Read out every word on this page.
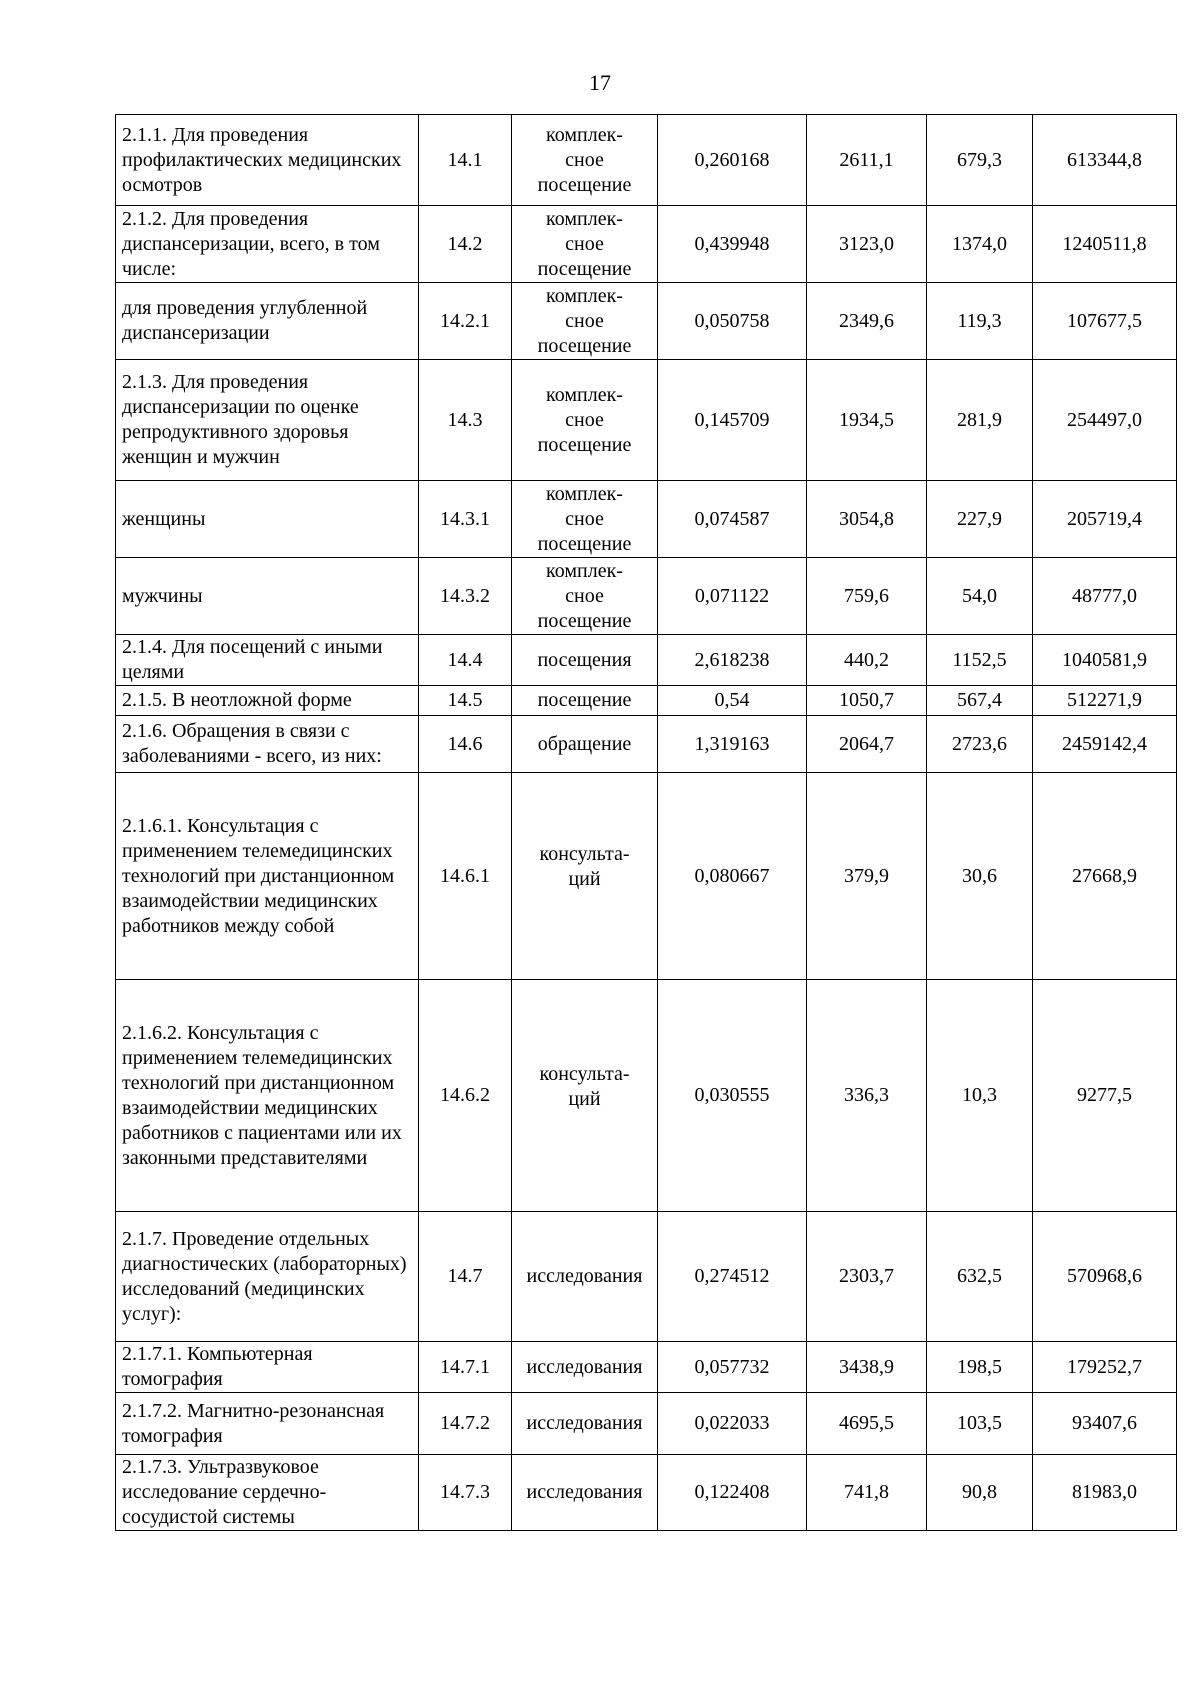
17
2.1.1. Для проведения профилактических медицинских осмотров	14.1	комплек-
сное
посещение	0,260168	2611,1	679,3	613344,8

2.1.2. Для проведения диспансеризации, всего, в том числе:	14.2	комплек-
сное
посещение	0,439948	3123,0	1374,0	1240511,8

для проведения углубленной диспансеризации	14.2.1	комплек-
сное
посещение	0,050758	2349,6	119,3	107677,5

2.1.3. Для проведения диспансеризации по оценке репродуктивного здоровья женщин и мужчин	14.3	комплек-
сное
посещение	0,145709	1934,5	281,9	254497,0

женщины	14.3.1	комплек-
сное
посещение	0,074587	3054,8	227,9	205719,4

мужчины	14.3.2	комплек-
сное
посещение	0,071122	759,6	54,0	48777,0

2.1.4. Для посещений с иными целями	14.4	посещения	2,618238	440,2	1152,5	1040581,9

2.1.5. В неотложной форме	14.5	посещение	0,54	1050,7	567,4	512271,9

2.1.6. Обращения в связи с заболеваниями - всего, из них:	14.6	обращение	1,319163	2064,7	2723,6	2459142,4

2.1.6.1. Консультация с применением телемедицинских технологий при дистанционном взаимодействии медицинских работников между собой	14.6.1	консульта-
ций	0,080667	379,9	30,6	27668,9

2.1.6.2. Консультация с применением телемедицинских технологий при дистанционном взаимодействии медицинских работников с пациентами или их законными представителями	14.6.2	консульта-
ций	0,030555	336,3	10,3	9277,5

2.1.7. Проведение отдельных диагностических (лабораторных) исследований (медицинских услуг):	14.7	исследования	0,274512	2303,7	632,5	570968,6

2.1.7.1. Компьютерная томография	14.7.1	исследования	0,057732	3438,9	198,5	179252,7

2.1.7.2. Магнитно-резонансная томография	14.7.2	исследования	0,022033	4695,5	103,5	93407,6

2.1.7.3. Ультразвуковое исследование сердечно-сосудистой системы	14.7.3	исследования	0,122408	741,8	90,8	81983,0
